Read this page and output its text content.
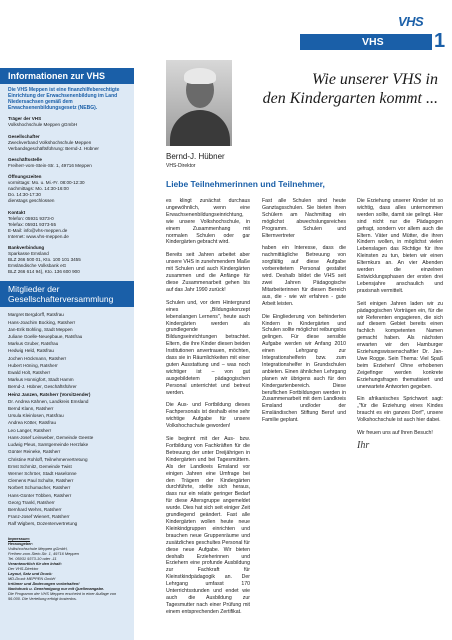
VHS
VHS Meppen
1
Informationen zur VHS
Die VHS Meppen ist eine finanzhilfeberechtigte Einrichtung der Erwachsenenbildung im Land Niedersachsen gemäß dem Erwachsenenbildungsgesetz (NEBG).
Träger der VHS
Volkshochschule Meppen gGmbH
Gesellschafter
Zweckverband Volkshochschule Meppen Verbandsgeschäftsführung: Bernd-J. Hübner
Geschäftsstelle
Freiherr-vom-Stein-Str. 1, 49716 Meppen
Öffnungszeiten
vormittags: Mo. u. Mi.-Fr. 08:00-12:30
nachmittags: Mo. 14:30-16:00
Do. 14:30-17:30
dienstags geschlossen
Kontakt
Telefon: 05931 9373-0
Telefax: 05931 9373-55
E-Mail: info@vhs-meppen.de
Internet: www.vhs-meppen.de
Bankverbindung
Sparkasse Emsland
BLZ 266 500 01, Kto. 100 101 3455
Emsländische Volksbank eG
BLZ 266 614 94), Kto. 136 600 900
Mitglieder der Gesellschafterversammlung
Margret Bergdorff, Ratsfrau
Hans-Joachim Bocking, Ratsherr
Jan-Erik Bohling, Stadt Meppen
Juliane Goelle-Neuepbaue, Ratsfrau
Markus Gruber, Ratsfrau
Hedwig Held, Ratsfrau
Jochen Höckmann, Ratsherr
Hubert Höning, Ratsherr
Ewald Holt, Ratsherr
Markus Honnigfort, Stadt Hamm
Bernd-J. Hübner, Geschäftsführer
Heinz Janzen, Ratsherr (Vorsitzender)
Dr. Andrea Kähnen, Landkreis Emsland
Bernd Klann, Ratsherr
Ursula Kleinlosen, Ratsfrau
Andrea Kötter, Ratsfrau
Leo Langer, Ratsherr
Hans-Josef Leinweber, Gemeinde Geeste
Ludwig Pleus, Samtgemeinde Herzlake
Günter Reineke, Ratsherr
Christine Rohloff, Teilnehmervertretung
Ernst Schmitz, Gemeinde Twist
Werner Schröer, Stadt Haselünne
Clemens Paul Schulte, Ratsherr
Norbert Schumacher, Ratsherr
Hans-Günter Többen, Ratsherr
Georg Trankl, Ratsherr
Bernhard Wehrs, Ratsherr
Franz-Josef Wienert, Ratsherr
Ralf Wigbers, Dozentenvertretung
Impressum:
Herausgeber:
Volkshochschule Meppen gGmbH,
Freiherr-vom-Stein-Str. 1, 49716 Meppen
Tel. 05931 9373-10 oder -11
Verantwortlich für den Inhalt:
Der VHS-Direktor
Layout, Satz und Druck:
MD-Druck MEPPEN GmbH
Irrtümer und Änderungen vorbehalten!
Nachdruck u. Genehmigung nur mit Quellenangabe.
Die Programm der VHS Meppen erscheint in einer Auflage von 56.000. Die Verteilung erfolgt kostenlos.
Bernd-J. Hübner
VHS-Direktor
Wie unserer VHS in
den Kindergarten kommt ...
Liebe Teilnehmerinnen und Teilnehmer,

es klingt zunächst durchaus ungewöhnlich, wenn eine Erwachsenenbildungseinrichtung, wie unsere Volkshochschule, in einem Zusammenhang mit normalen Schulen oder gar Kindergärten gebracht wird.

Bereits seit Jahren arbeitet aber unsere VHS in zunehmendem Maße mit Schulen und auch Kindergärten zusammen und die Anfänge für diese Zusammenarbeit gehen bis auf das Jahr 1990 zurück!

Schulen und, vor dem Hintergrund eines „Bildungskonzept lebenslangen Lernens", heute auch Kindergärten werden als grundlegende Bildungseinrichtungen betrachtet. Eltern, die ihre Kinder diesen beiden Institutionen anvertrauen, möchten, dass sie in Räumlichkeiten mit einer guten Ausstattung und – was noch wichtiger ist – von gut ausgebildetem pädagogischen Personal unterrichtet und betreut werden.

Die Aus- und Fortbildung dieses Fachpersonals ist deshalb eine sehr wichtige Aufgabe für unsere Volkshochschule geworden!

Sie beginnt mit der Aus- bzw. Fortbildung von Fachkräften für die Betreuung der unter Dreijährigen in Kindergärten und bei Tagesmüttern. Als der Landkreis Emsland vor einigen Jahren eine Umfrage bei den Trägern der Kindergärten durchführte, stellte sich heraus, dass nur ein relativ geringer Bedarf für diese Altersgruppe angemeldet wurde. Dies hat sich seit einiger Zeit grundlegend geändert. Fast alle Kindergärten wollen heute neue Kleinkindgruppen einrichten und brauchen neue Gruppenräume und zusätzliches geschultes Personal für diese neue Aufgabe. Wir bieten deshalb Erzieherinnen und Erziehern eine profunde Ausbildung zur Fachkraft für Kleinstkindpädagogik an. Der Lehrgang umfasst 170 Unterrichtsstunden und endet wie auch die Ausbildung zur Tagesmutter nach einer Prüfung mit einem entsprechenden Zertifikat.

Fast alle Schulen sind heute Ganztagsschulen. Sie bieten ihren Schülern am Nachmittag ein möglichst abwechslungsreiches Programm. Schulen und Elternvertreter

haben ein Interesse, dass die nachmittägliche Betreuung von sorgfältig auf diese Aufgabe vorbereitetem Personal gestaltet wird. Deshalb bildet die VHS seit zwei Jahren Pädagogische Mitarbeiterinnen für diesen Bereich aus, die - wie wir erfahren - gute Arbeit leisten.

Die Eingliederung von behinderten Kindern in Kindergärten und Schulen sollte möglichst reibungslos gelingen. Für diese sensible Aufgabe werden wir Anfang 2010 einen Lehrgang zur Integrationshelferin bzw. zum Integrationshelfer in Grundschulen anbieten. Einen ähnlichen Lehrgang planen wir übrigens auch für den Kindergartenbereich. Diese beruflichen Fortbildungen werden in Zusammenarbeit mit dem Landkreis Emsland und/oder der Emsländischen Stiftung Beruf und Familie geplant.

Die Erziehung unserer Kinder ist so wichtig, dass alles unternommen werden sollte, damit sie gelingt. Hier sind nicht nur die Pädagogen gefragt, sondern vor allem auch die Eltern. Väter und Mütter, die ihren Kindern wollen, in möglichst vielen Lebenslagen das Richtige für ihre Kleinsten zu tun, bieten wir einen Elternkurs an. An vier Abenden werden die einzelnen Entwicklungsphasen der ersten drei Lebensjahre anschaulich und praxisnah vermittelt.

Seit einigen Jahren laden wir zu pädagogischen Vorträgen ein, für die wir Referenten engagieren, die sich auf diesem Gebiet bereits einen fachlich kompetenten Namen gemacht haben. Als nächsten erwarten wir den Hamburger Erziehungswissenschaftler Dr. Jan-Uwe Rogge. Sein Thema: Viel Spaß beim Erziehen! Ohne erhobenen Zeigefinger werden konkrete Erziehungsfragen thematisiert und unerwartete Antworten gegeben.

Ein afrikanisches Sprichwort sagt: „"für die Erziehung eines Kindes braucht es ein ganzes Dorf", unsere Volkshochschule ist auch hier dabei.

Wir freuen uns auf Ihren Besuch!

Ihr
